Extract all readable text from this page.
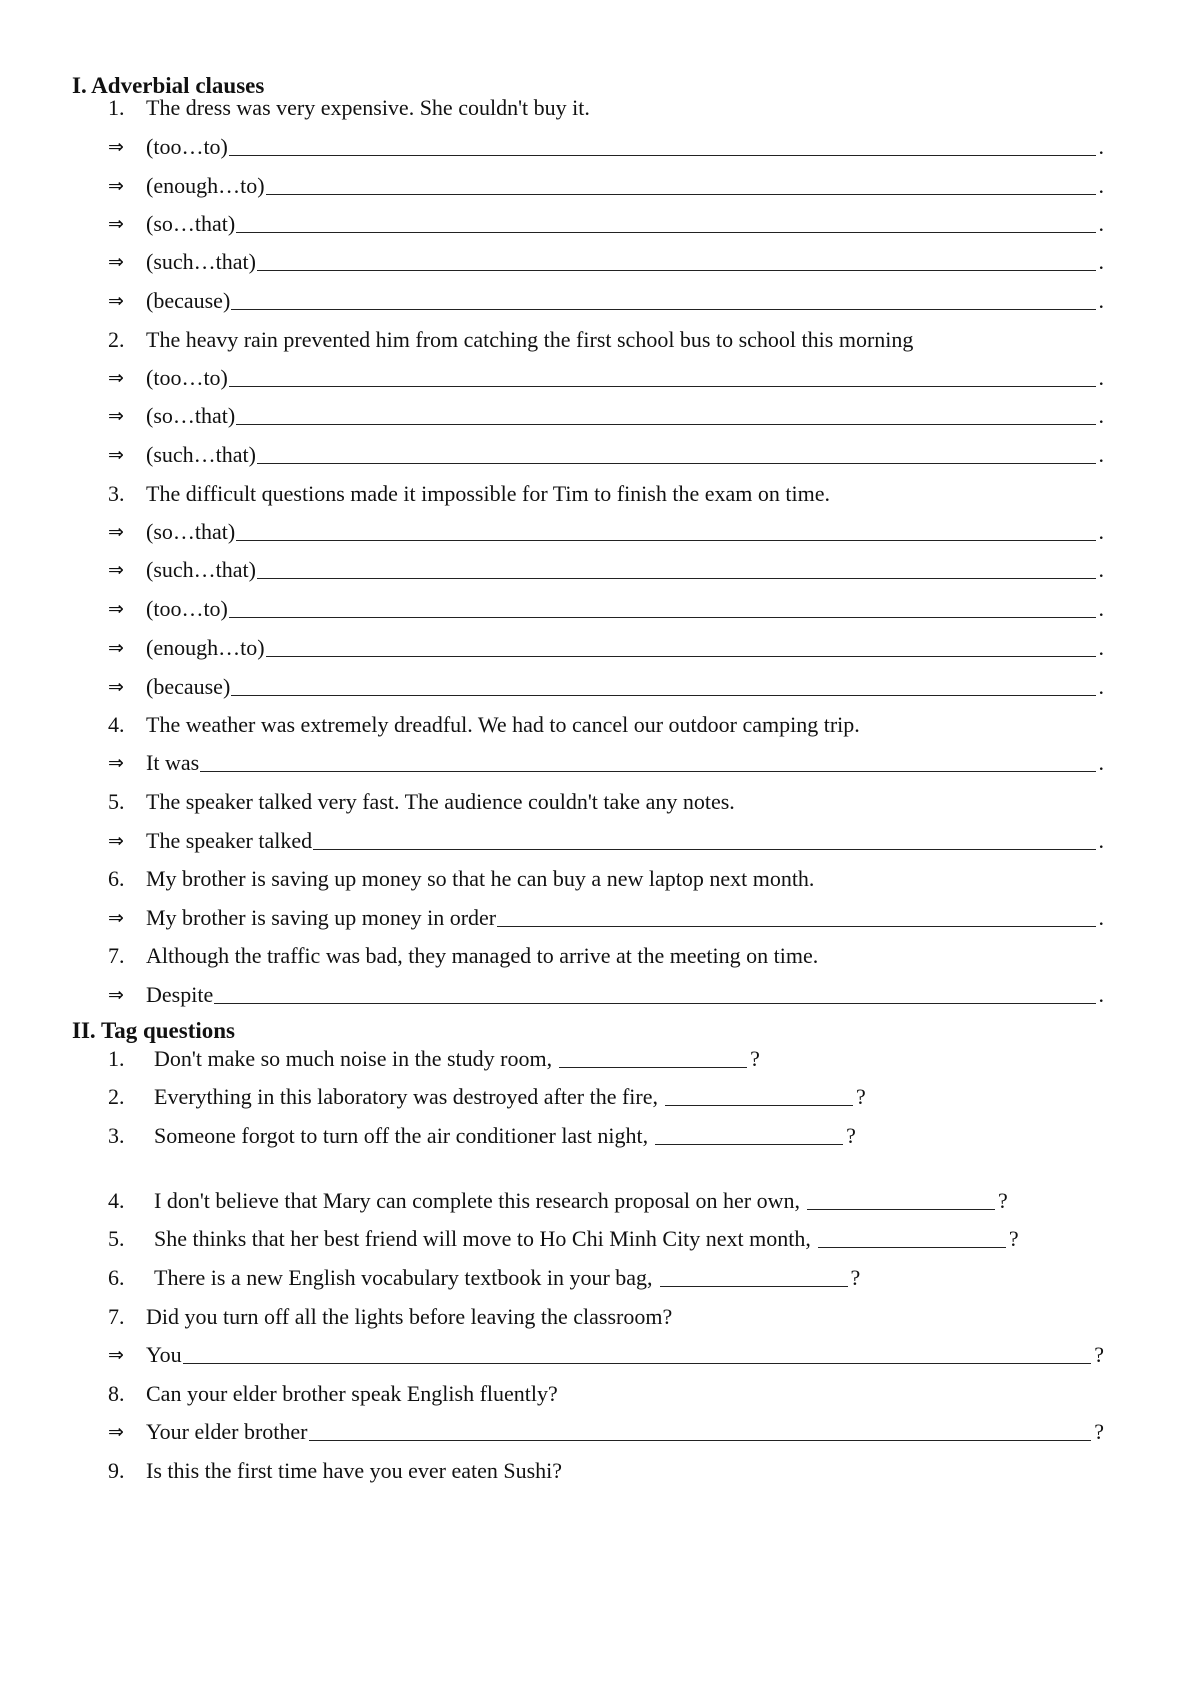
I. Adverbial clauses
II. Tag questions
1. The dress was very expensive. She couldn't buy it.
⇒	(too…to)	.
⇒	(enough…to)	.
⇒	(so…that)	.
⇒	(such…that)	.
⇒	(because)	.
2. The heavy rain prevented him from catching the first school bus to school this morning
⇒	(too…to)	.
⇒	(so…that)	.
⇒	(such…that)	.
3. The difficult questions made it impossible for Tim to finish the exam on time.
⇒	(so…that)	.
⇒	(such…that)	.
⇒	(too…to)	.
⇒	(enough…to)	.
⇒	(because)	.
4. The weather was extremely dreadful. We had to cancel our outdoor camping trip.
⇒	It was	.
5. The speaker talked very fast. The audience couldn't take any notes.
⇒	The speaker talked	.
6. My brother is saving up money so that he can buy a new laptop next month.
⇒	My brother is saving up money in order	.
7. Although the traffic was bad, they managed to arrive at the meeting on time.
⇒	Despite	.
1.	Don't make so much noise in the study room,	?
2.	Everything in this laboratory was destroyed after the fire,	?
3.	Someone forgot to turn off the air conditioner last night,	?
4.	I don't believe that Mary can complete this research proposal on her own,	?
5.	She thinks that her best friend will move to Ho Chi Minh City next month,	?
6.	There is a new English vocabulary textbook in your bag,	?
7. Did you turn off all the lights before leaving the classroom?
⇒	You	?
8. Can your elder brother speak English fluently?
⇒	Your elder brother	?
9. Is this the first time have you ever eaten Sushi?
